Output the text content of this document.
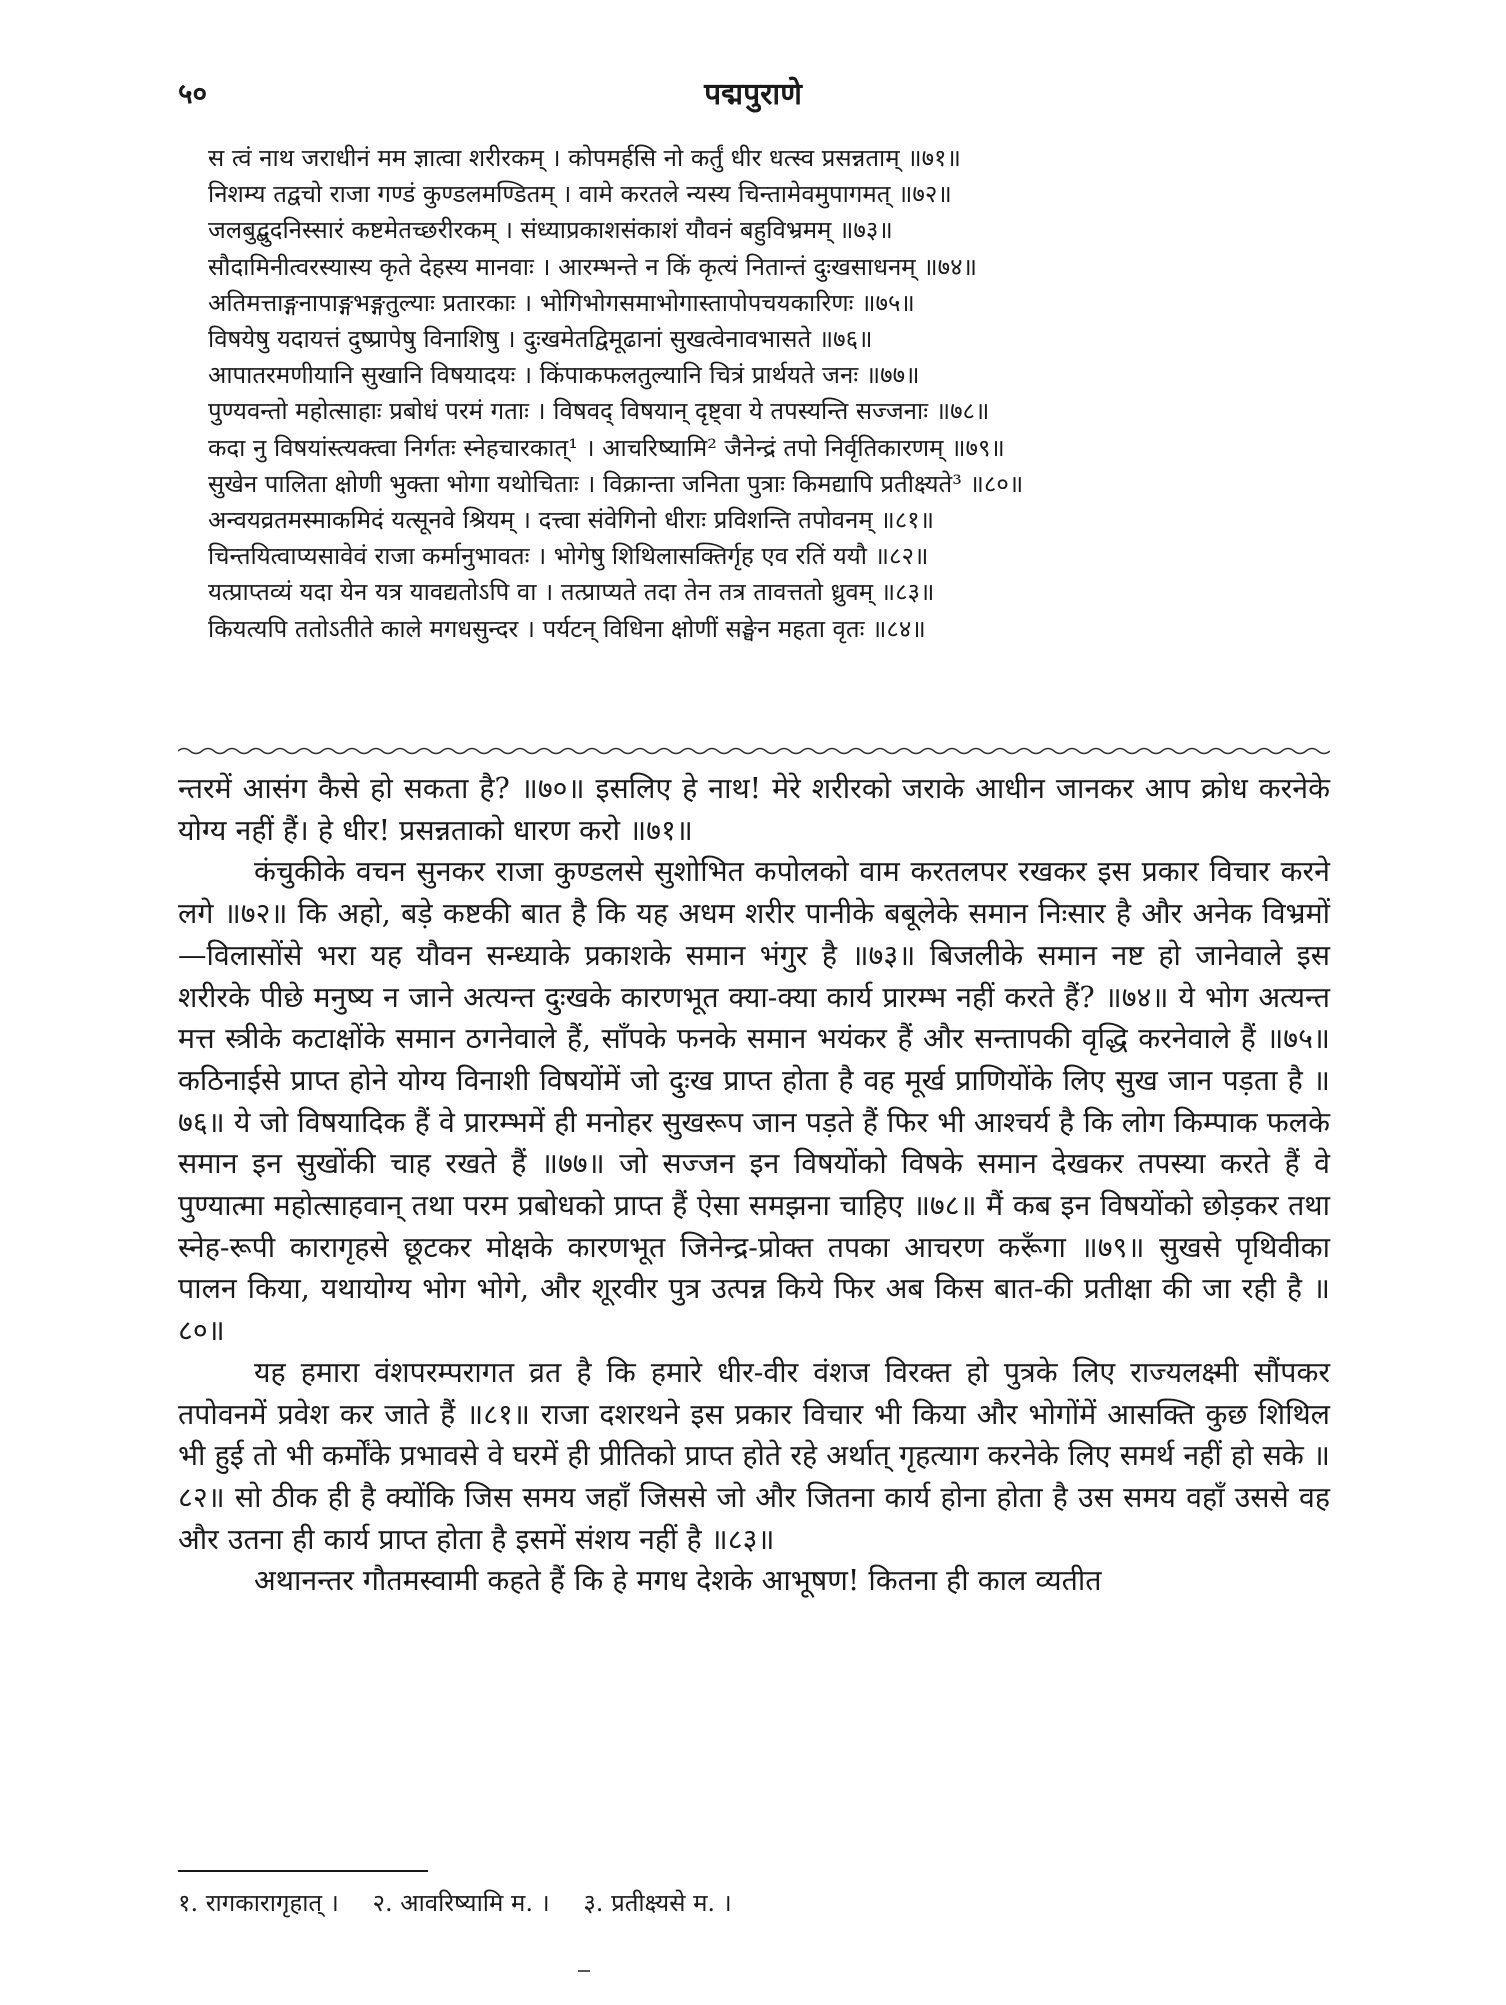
५०	पद्मपुराणे
स त्वं नाथ जराधीनं मम ज्ञात्वा शरीरकम् । कोपमर्हसि नो कर्तुं धीर धत्स्व प्रसन्नताम् ॥७१॥
निशम्य तद्वचो राजा गण्डं कुण्डलमण्डितम् । वामे करतले न्यस्य चिन्तामेवमुपागमत् ॥७२॥
जलबुद्बुदनिस्सारं कष्टमेतच्छरीरकम् । संध्याप्रकाशसंकाशं यौवनं बहुविभ्रमम् ॥७३॥
सौदामिनीत्वरस्यास्य कृते देहस्य मानवाः । आरम्भन्ते न किं कृत्यं नितान्तं दुःखसाधनम् ॥७४॥
अतिमत्ताङ्गनापाङ्गभङ्गतुल्याः प्रतारकाः । भोगिभोगसमाभोगास्तापोपचयकारिणः ॥७५॥
विषयेषु यदायत्तं दुष्प्रापेषु विनाशिषु । दुःखमेतद्विमूढानां सुखत्वेनावभासते ॥७६॥
आपातरमणीयानि सुखानि विषयादयः । किंपाकफलतुल्यानि चित्रं प्रार्थयते जनः ॥७७॥
पुण्यवन्तो महोत्साहाः प्रबोधं परमं गताः । विषवद् विषयान् दृष्ट्वा ये तपस्यन्ति सज्जनाः ॥७८॥
कदा नु विषयांस्त्यक्त्वा निर्गतः स्नेहचारकात्¹ । आचरिष्यामि² जैनेन्द्रं तपो निर्वृतिकारणम् ॥७९॥
सुखेन पालिता क्षोणी भुक्ता भोगा यथोचिताः । विक्रान्ता जनिता पुत्राः किमद्यापि प्रतीक्ष्यते³ ॥८०॥
अन्वयव्रतमस्माकमिदं यत्सूनवे श्रियम् । दत्त्वा संवेगिनो धीराः प्रविशन्ति तपोवनम् ॥८१॥
चिन्तयित्वाप्यसावेवं राजा कर्मानुभावतः । भोगेषु शिथिलासक्तिर्गृह एव रतिं ययौ ॥८२॥
यत्प्राप्तव्यं यदा येन यत्र यावद्यतोऽपि वा । तत्प्राप्यते तदा तेन तत्र तावत्ततो ध्रुवम् ॥८३॥
कियत्यपि ततोऽतीते काले मगधसुन्दर । पर्यटन् विधिना क्षोणीं सङ्घेन महता वृतः ॥८४॥

न्तरमें आसंग कैसे हो सकता है? ॥७०॥ इसलिए हे नाथ! मेरे शरीरको जराके आधीन जानकर आप क्रोध करनेके योग्य नहीं हैं। हे धीर! प्रसन्नताको धारण करो ॥७१॥

कंचुकीके वचन सुनकर राजा कुण्डलसे सुशोभित कपोलको वाम करतलपर रखकर इस प्रकार विचार करने लगे ॥७२॥ कि अहो, बड़े कष्टकी बात है कि यह अधम शरीर पानीके बबूलेके समान निःसार है और अनेक विभ्रमों—विलासोंसे भरा यह यौवन सन्ध्याके प्रकाशके समान भंगुर है ॥७३॥ बिजलीके समान नष्ट हो जानेवाले इस शरीरके पीछे मनुष्य न जाने अत्यन्त दुःखके कारणभूत क्या-क्या कार्य प्रारम्भ नहीं करते हैं? ॥७४॥ ये भोग अत्यन्त मत्त स्त्रीके कटाक्षोंके समान ठगनेवाले हैं, साँपके फनके समान भयंकर हैं और सन्तापकी वृद्धि करनेवाले हैं ॥७५॥ कठिनाईसे प्राप्त होने योग्य विनाशी विषयोंमें जो दुःख प्राप्त होता है वह मूर्ख प्राणियोंके लिए सुख जान पड़ता है ॥७६॥ ये जो विषयादिक हैं वे प्रारम्भमें ही मनोहर सुखरूप जान पड़ते हैं फिर भी आश्चर्य है कि लोग किम्पाक फलके समान इन सुखोंकी चाह रखते हैं ॥७७॥ जो सज्जन इन विषयोंको विषके समान देखकर तपस्या करते हैं वे पुण्यात्मा महोत्साहवान् तथा परम प्रबोधको प्राप्त हैं ऐसा समझना चाहिए ॥७८॥ मैं कब इन विषयोंको छोड़कर तथा स्नेह-रूपी कारागृहसे छूटकर मोक्षके कारणभूत जिनेन्द्र-प्रोक्त तपका आचरण करूँगा ॥७९॥ सुखसे पृथिवीका पालन किया, यथायोग्य भोग भोगे, और शूरवीर पुत्र उत्पन्न किये फिर अब किस बात-की प्रतीक्षा की जा रही है ॥८०॥

यह हमारा वंशपरम्परागत व्रत है कि हमारे धीर-वीर वंशज विरक्त हो पुत्रके लिए राज्यलक्ष्मी सौंपकर तपोवनमें प्रवेश कर जाते हैं ॥८१॥ राजा दशरथने इस प्रकार विचार भी किया और भोगोंमें आसक्ति कुछ शिथिल भी हुई तो भी कर्मोंके प्रभावसे वे घरमें ही प्रीतिको प्राप्त होते रहे अर्थात् गृहत्याग करनेके लिए समर्थ नहीं हो सके ॥८२॥ सो ठीक ही है क्योंकि जिस समय जहाँ जिससे जो और जितना कार्य होना होता है उस समय वहाँ उससे वह और उतना ही कार्य प्राप्त होता है इसमें संशय नहीं है ॥८३॥

अथानन्तर गौतमस्वामी कहते हैं कि हे मगध देशके आभूषण! कितना ही काल व्यतीत

१. रागकारागृहात् । २. आवरिष्यामि म. । ३. प्रतीक्ष्यसे म. ।
